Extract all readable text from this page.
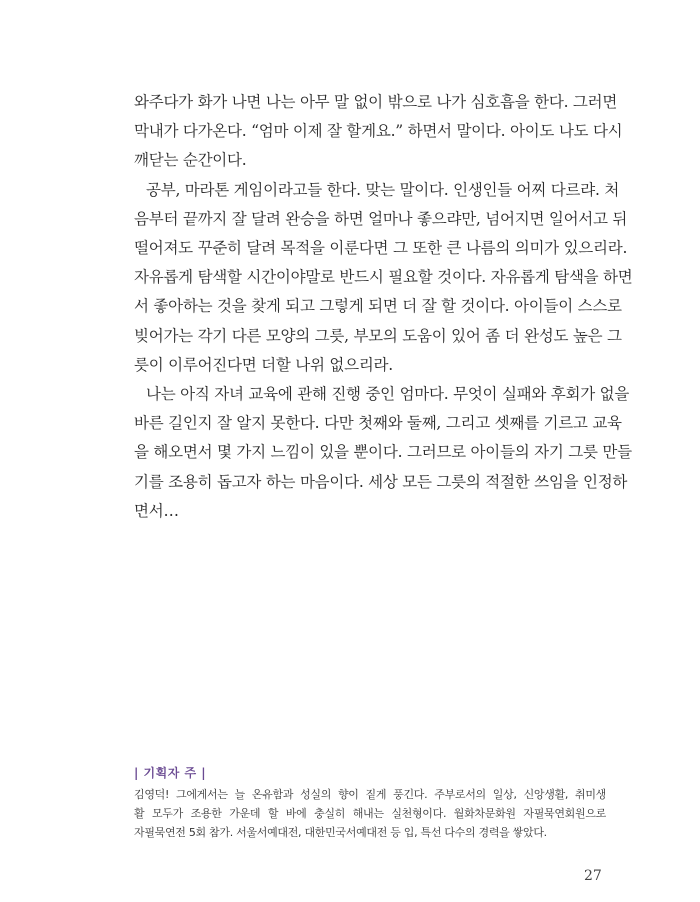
와주다가 화가 나면 나는 아무 말 없이 밖으로 나가 심호흡을 한다. 그러면
막내가 다가온다. “엄마 이제 잘 할게요.” 하면서 말이다. 아이도 나도 다시
깨닫는 순간이다.
공부, 마라톤 게임이라고들 한다. 맞는 말이다. 인생인들 어찌 다르랴. 처
음부터 끝까지 잘 달려 완승을 하면 얼마나 좋으랴만, 넘어지면 일어서고 뒤
떨어져도 꾸준히 달려 목적을 이룬다면 그 또한 큰 나름의 의미가 있으리라.
자유롭게 탐색할 시간이야말로 반드시 필요할 것이다. 자유롭게 탐색을 하면
서 좋아하는 것을 찾게 되고 그렇게 되면 더 잘 할 것이다. 아이들이 스스로
빚어가는 각기 다른 모양의 그릇, 부모의 도움이 있어 좀 더 완성도 높은 그
릇이 이루어진다면 더할 나위 없으리라.
나는 아직 자녀 교육에 관해 진행 중인 엄마다. 무엇이 실패와 후회가 없을
바른 길인지 잘 알지 못한다. 다만 첫째와 둘째, 그리고 셋째를 기르고 교육
을 해오면서 몇 가지 느낌이 있을 뿐이다. 그러므로 아이들의 자기 그릇 만들
기를 조용히 돕고자 하는 마음이다. 세상 모든 그릇의 적절한 쓰임을 인정하
면서…
| 기획자 주 |
김영덕! 그에게서는 늘 온유함과 성실의 향이 짙게 풍긴다. 주부로서의 일상, 신앙생활, 취미생
활 모두가 조용한 가운데 할 바에 충실히 해내는 실천형이다. 월화차문화원 자필묵연회원으로
자필묵연전 5회 참가. 서울서예대전, 대한민국서예대전 등 입, 특선 다수의 경력을 쌓았다.
27
